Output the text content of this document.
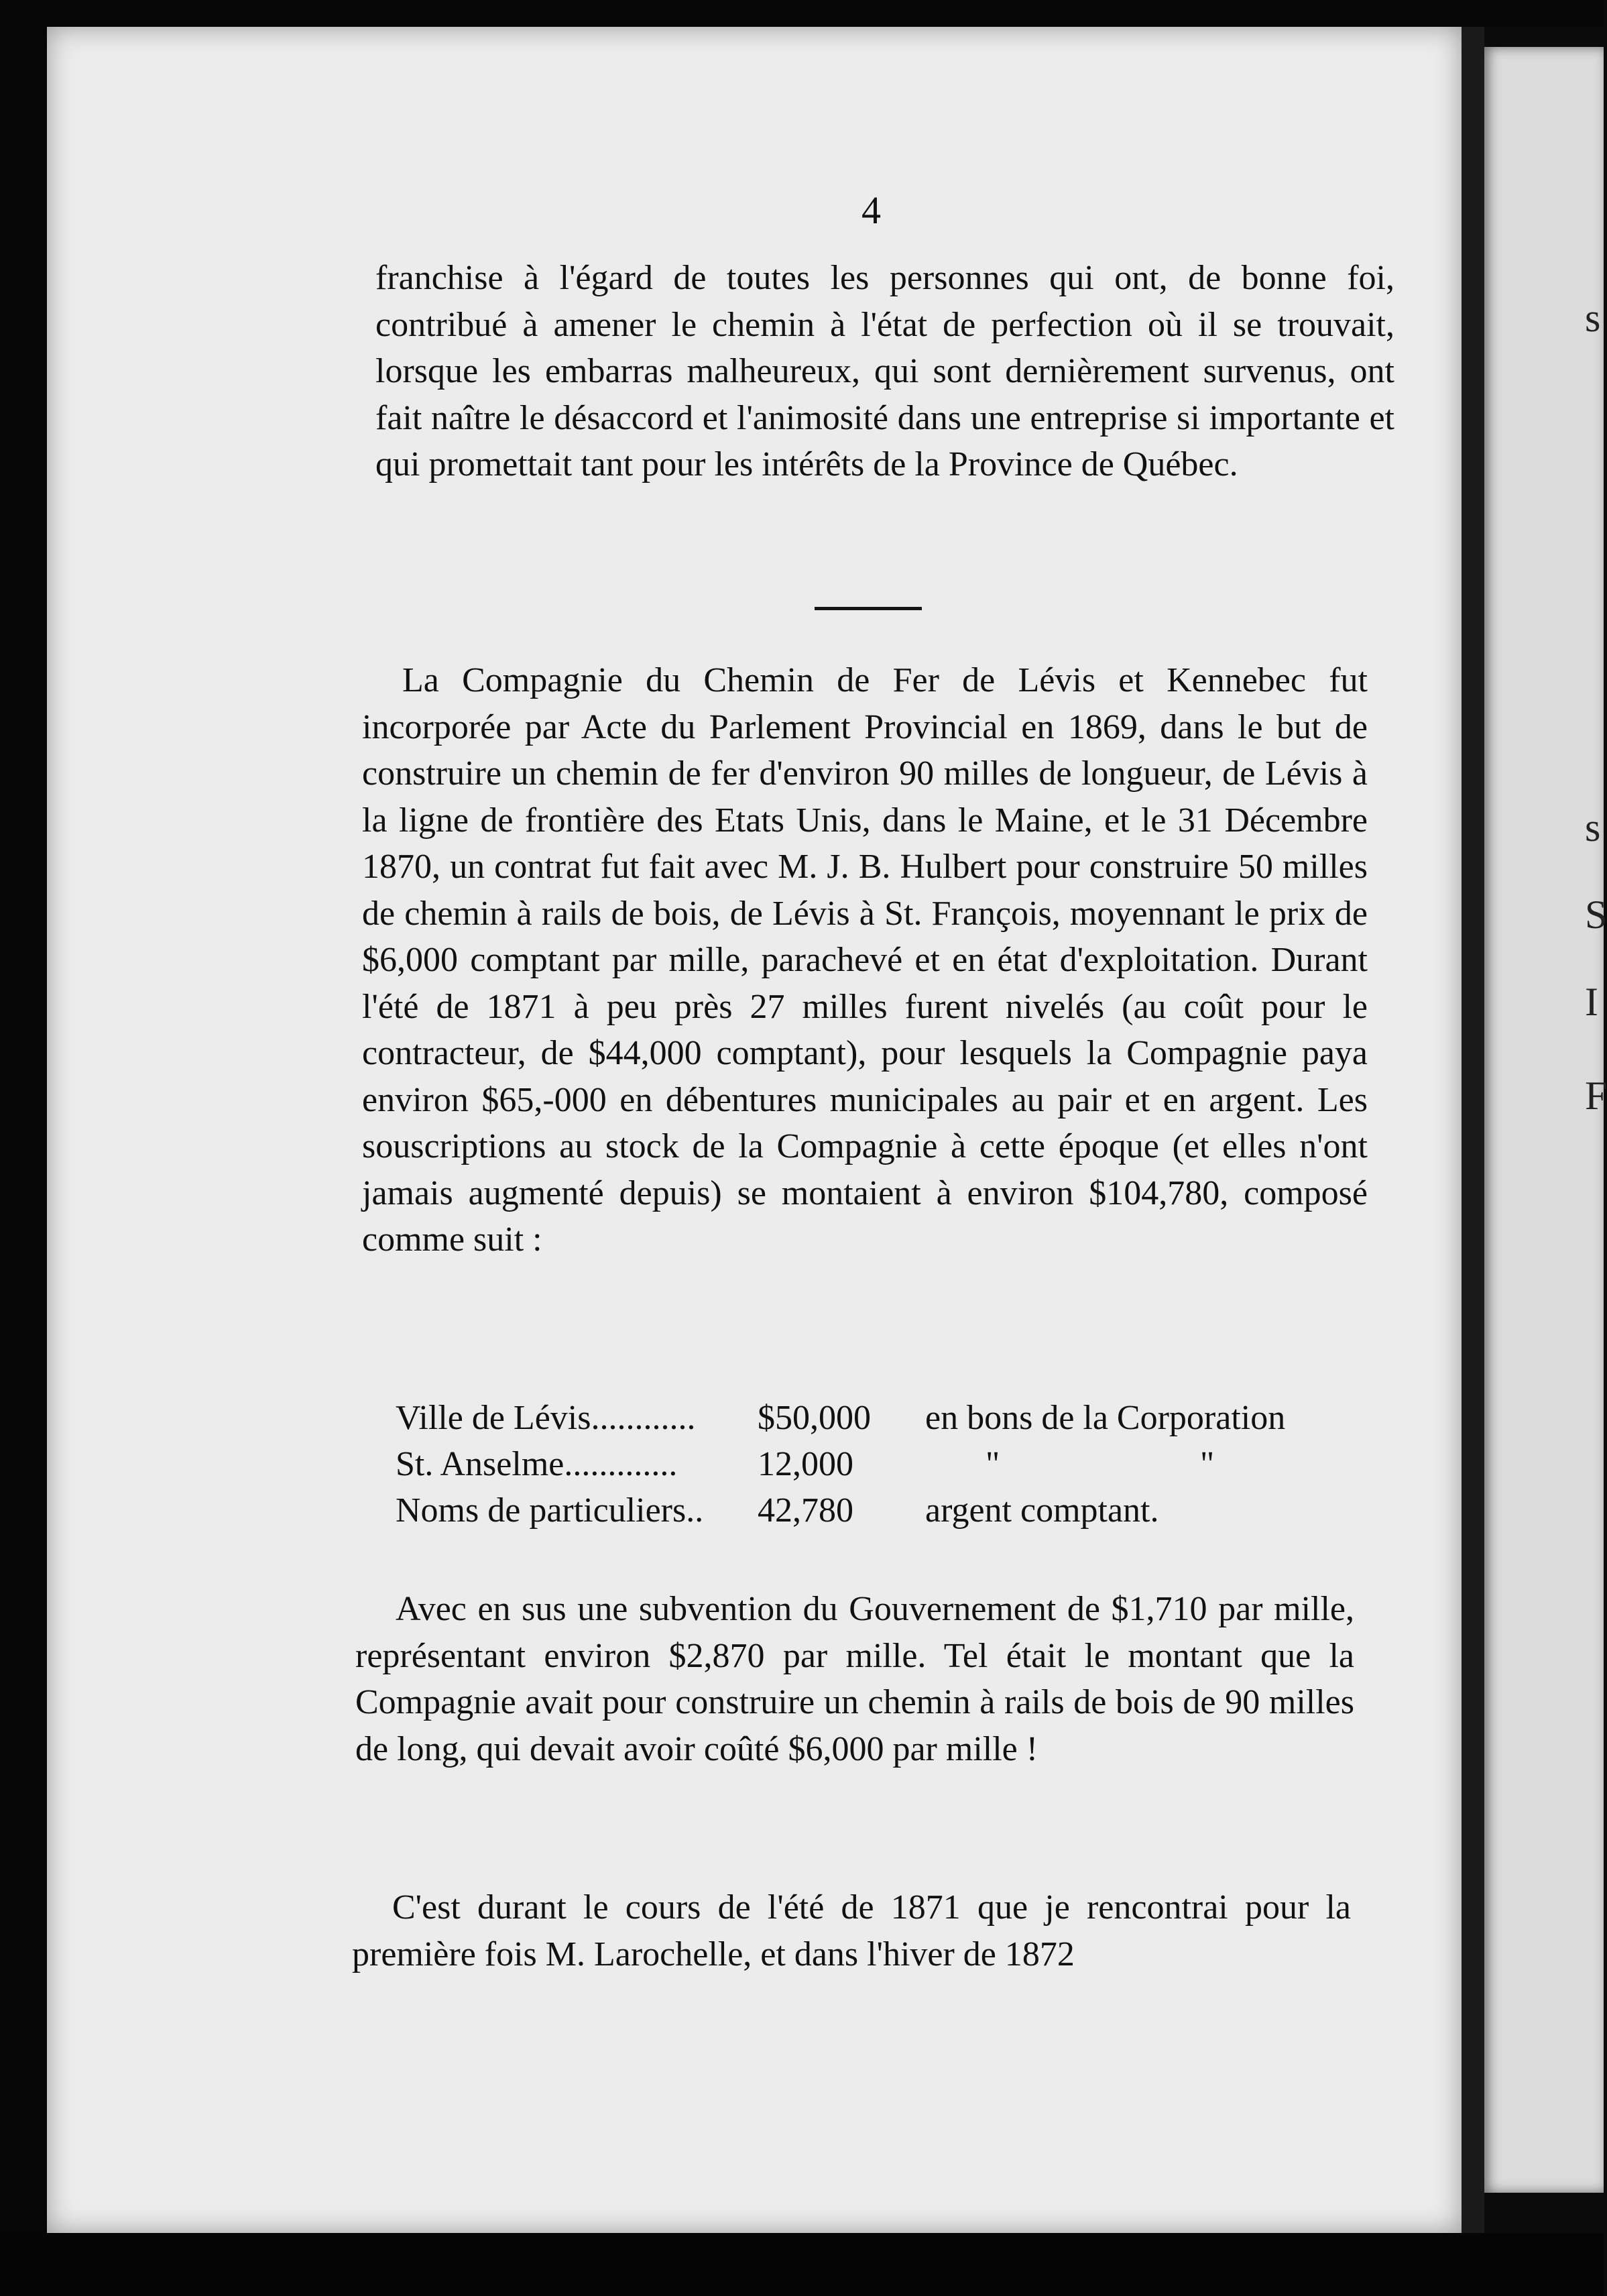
s
s
S
I
F
4

franchise à l'égard de toutes les personnes qui ont, de bonne foi, contribué à amener le chemin à l'état de perfection où il se trouvait, lorsque les embarras malheureux, qui sont dernièrement survenus, ont fait naître le désaccord et l'animosité dans une entreprise si importante et qui promettait tant pour les intérêts de la Province de Québec.

La Compagnie du Chemin de Fer de Lévis et Kennebec fut incorporée par Acte du Parlement Provincial en 1869, dans le but de construire un chemin de fer d'environ 90 milles de longueur, de Lévis à la ligne de frontière des Etats Unis, dans le Maine, et le 31 Décembre 1870, un contrat fut fait avec M. J. B. Hulbert pour construire 50 milles de chemin à rails de bois, de Lévis à St. François, moyennant le prix de $6,000 comptant par mille, parachevé et en état d'exploitation. Durant l'été de 1871 à peu près 27 milles furent nivelés (au coût pour le contracteur, de $44,000 comptant), pour lesquels la Compagnie paya environ $65,-000 en débentures municipales au pair et en argent. Les souscriptions au stock de la Compagnie à cette époque (et elles n'ont jamais augmenté depuis) se montaient à environ $104,780, composé comme suit :

Ville de Lévis............ $50,000 en bons de la Corporation
St. Anselme............. 12,000	"	"
Noms de particuliers.. 42,780 argent comptant.

Avec en sus une subvention du Gouvernement de $1,710 par mille, représentant environ $2,870 par mille. Tel était le montant que la Compagnie avait pour construire un chemin à rails de bois de 90 milles de long, qui devait avoir coûté $6,000 par mille !

C'est durant le cours de l'été de 1871 que je rencontrai pour la première fois M. Larochelle, et dans l'hiver de 1872
